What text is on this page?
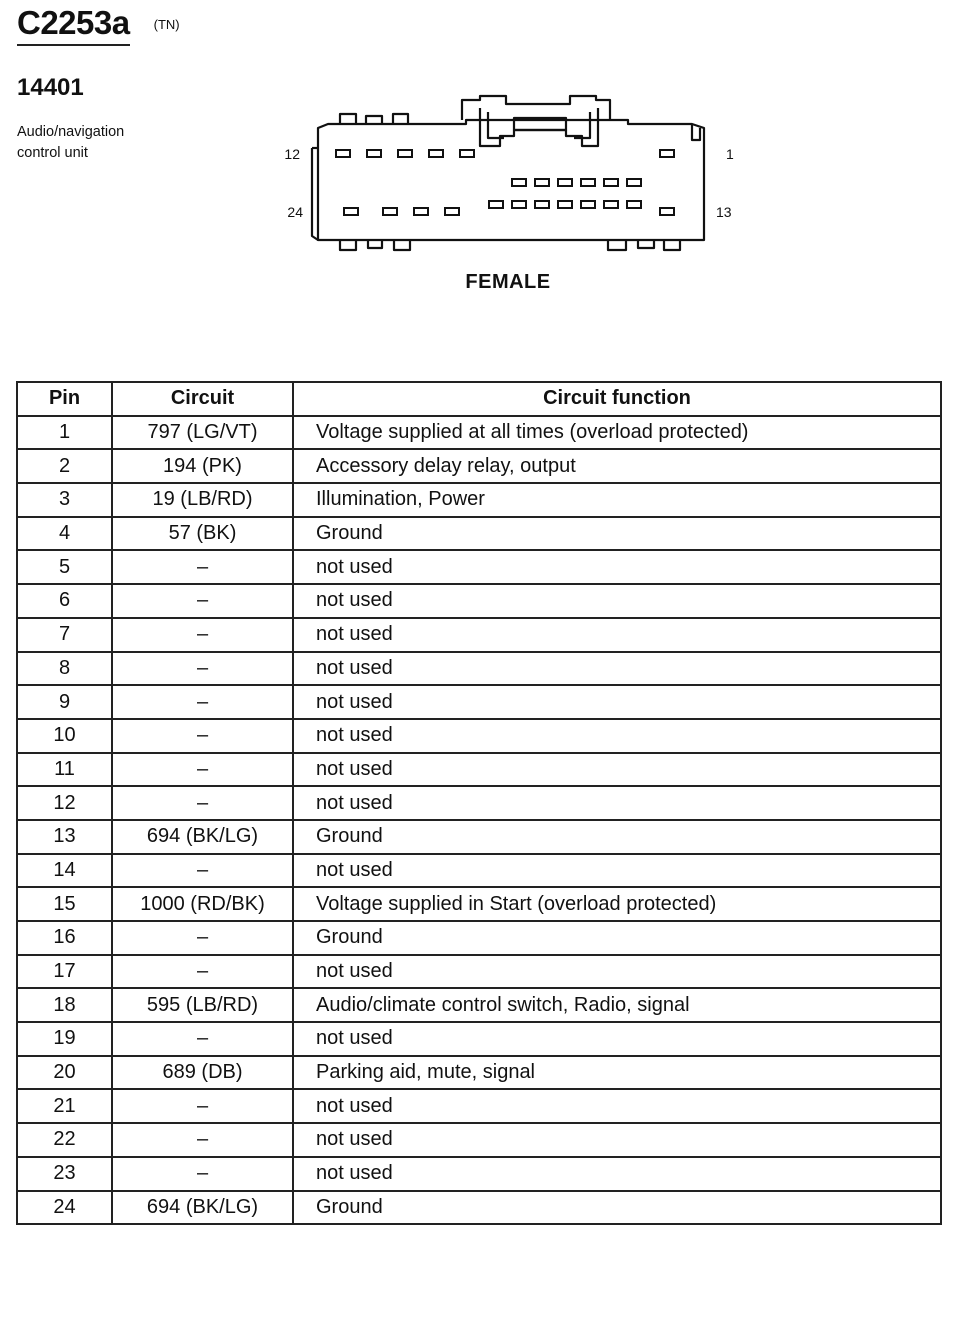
C2253a (TN)
14401
Audio/navigation
control unit	12	1
24	13
FEMALE
Pin	Circuit	Circuit function
1	797 (LG/VT)	Voltage supplied at all times (overload protected)
2	194 (PK)	Accessory delay relay, output
3	19 (LB/RD)	Illumination, Power
4	57 (BK)	Ground
5	–	not used
6	–	not used
7	–	not used
8	–	not used
9	–	not used
10	–	not used
11	–	not used
12	–	not used
13	694 (BK/LG)	Ground
14	–	not used
15	1000 (RD/BK)	Voltage supplied in Start (overload protected)
16	–	Ground
17	–	not used
18	595 (LB/RD)	Audio/climate control switch, Radio, signal
19	–	not used
20	689 (DB)	Parking aid, mute, signal
21	–	not used
22	–	not used
23	–	not used
24	694 (BK/LG)	Ground
